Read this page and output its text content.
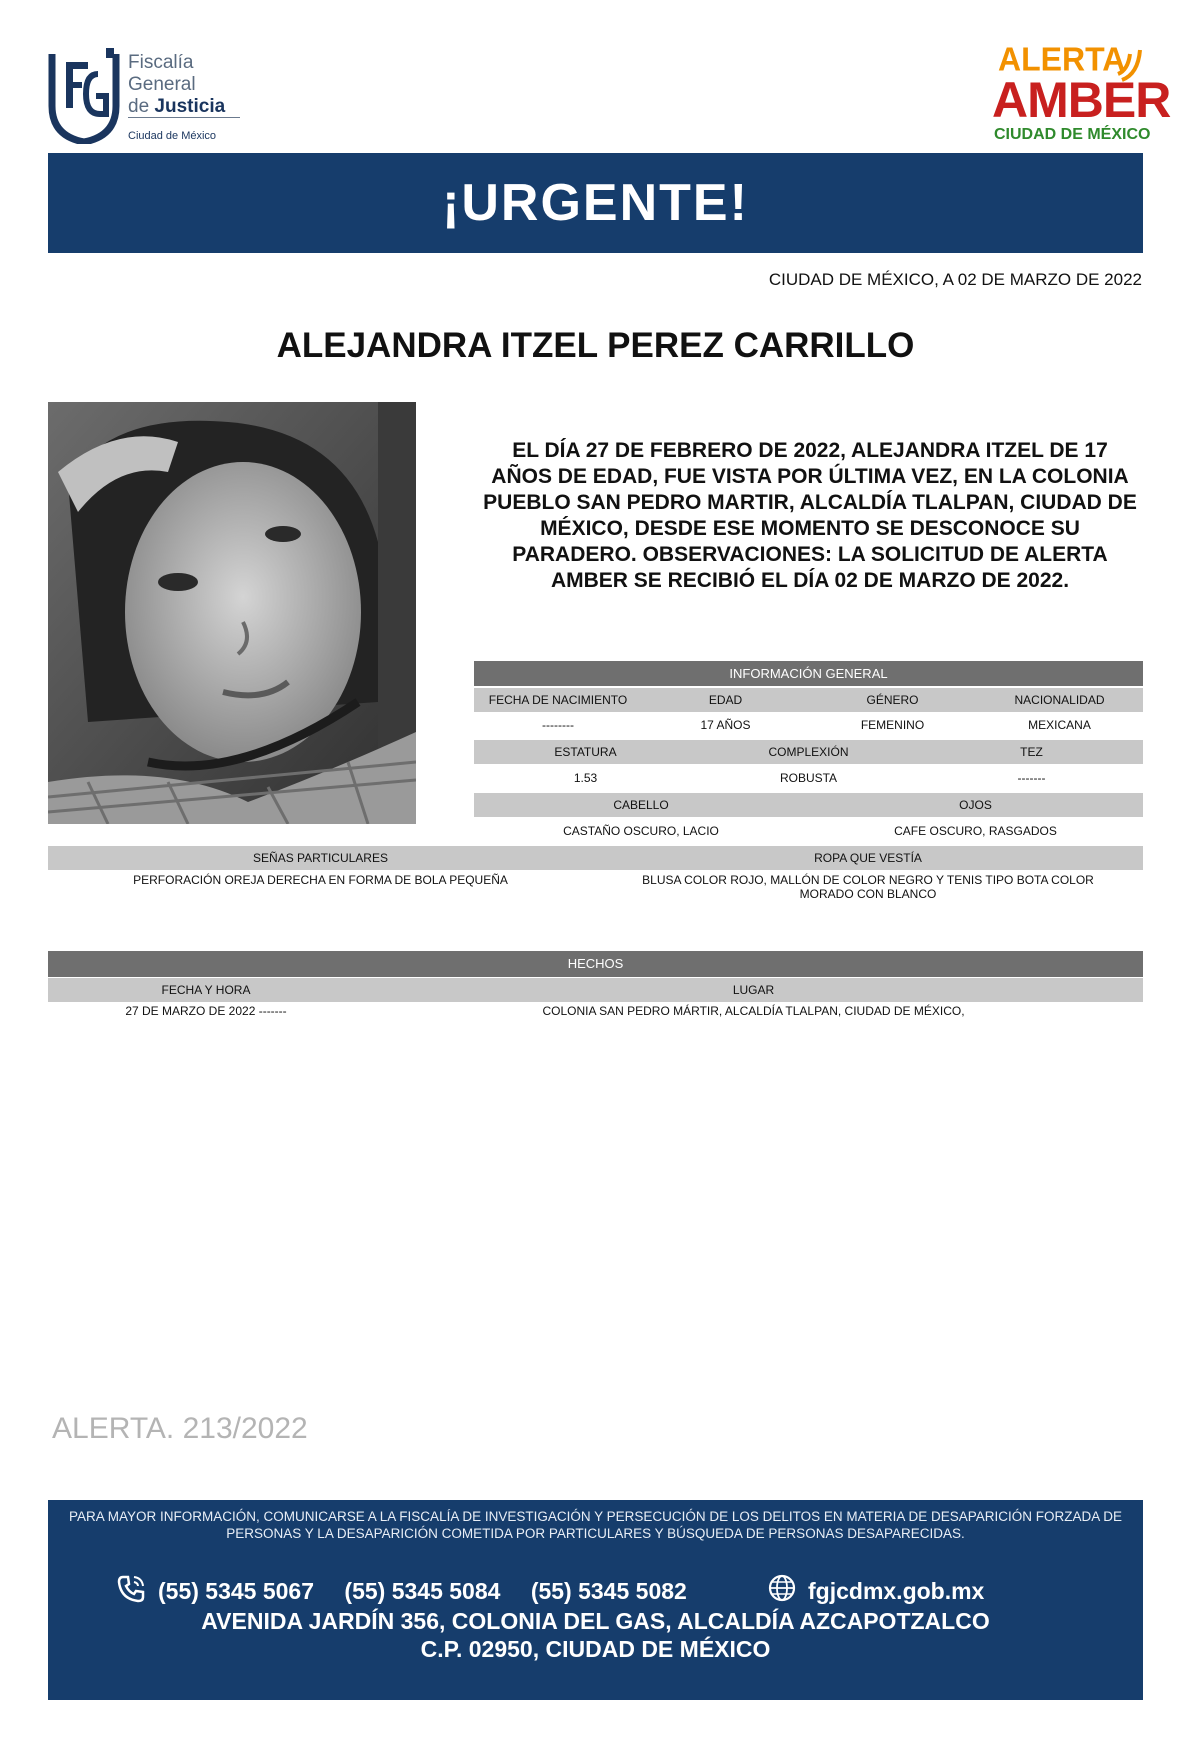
Fiscalía
General
de Justicia
Ciudad de México
ALERTA
AMBER
CIUDAD DE MÉXICO
¡URGENTE!
CIUDAD DE MÉXICO, A 02 DE MARZO DE 2022
ALEJANDRA ITZEL PEREZ CARRILLO
EL DÍA 27 DE FEBRERO DE 2022, ALEJANDRA ITZEL DE 17 AÑOS DE EDAD, FUE VISTA POR ÚLTIMA VEZ, EN LA COLONIA PUEBLO SAN PEDRO MARTIR, ALCALDÍA TLALPAN, CIUDAD DE MÉXICO, DESDE ESE MOMENTO SE DESCONOCE SU PARADERO. OBSERVACIONES: LA SOLICITUD DE ALERTA AMBER SE RECIBIÓ EL DÍA 02 DE MARZO DE 2022.
INFORMACIÓN GENERAL
FECHA DE NACIMIENTO	EDAD	GÉNERO	NACIONALIDAD
--------	17 AÑOS	FEMENINO	MEXICANA
ESTATURA	COMPLEXIÓN	TEZ
1.53	ROBUSTA	-------
CABELLO	OJOS
CASTAÑO OSCURO, LACIO	CAFE OSCURO, RASGADOS
SEÑAS PARTICULARES	ROPA QUE VESTÍA
PERFORACIÓN OREJA DERECHA EN FORMA DE BOLA PEQUEÑA	BLUSA COLOR ROJO, MALLÓN DE COLOR NEGRO Y TENIS TIPO BOTA COLOR MORADO CON BLANCO
HECHOS
FECHA Y HORA	LUGAR
27 DE MARZO DE 2022 -------	COLONIA SAN PEDRO MÁRTIR, ALCALDÍA TLALPAN, CIUDAD DE MÉXICO,
ALERTA. 213/2022
PARA MAYOR INFORMACIÓN, COMUNICARSE A LA FISCALÍA DE INVESTIGACIÓN Y PERSECUCIÓN DE LOS DELITOS EN MATERIA DE DESAPARICIÓN FORZADA DE PERSONAS Y LA DESAPARICIÓN COMETIDA POR PARTICULARES Y BÚSQUEDA DE PERSONAS DESAPARECIDAS.
(55) 5345 5067 (55) 5345 5084 (55) 5345 5082	fgjcdmx.gob.mx
AVENIDA JARDÍN 356, COLONIA DEL GAS, ALCALDÍA AZCAPOTZALCO
C.P. 02950, CIUDAD DE MÉXICO
